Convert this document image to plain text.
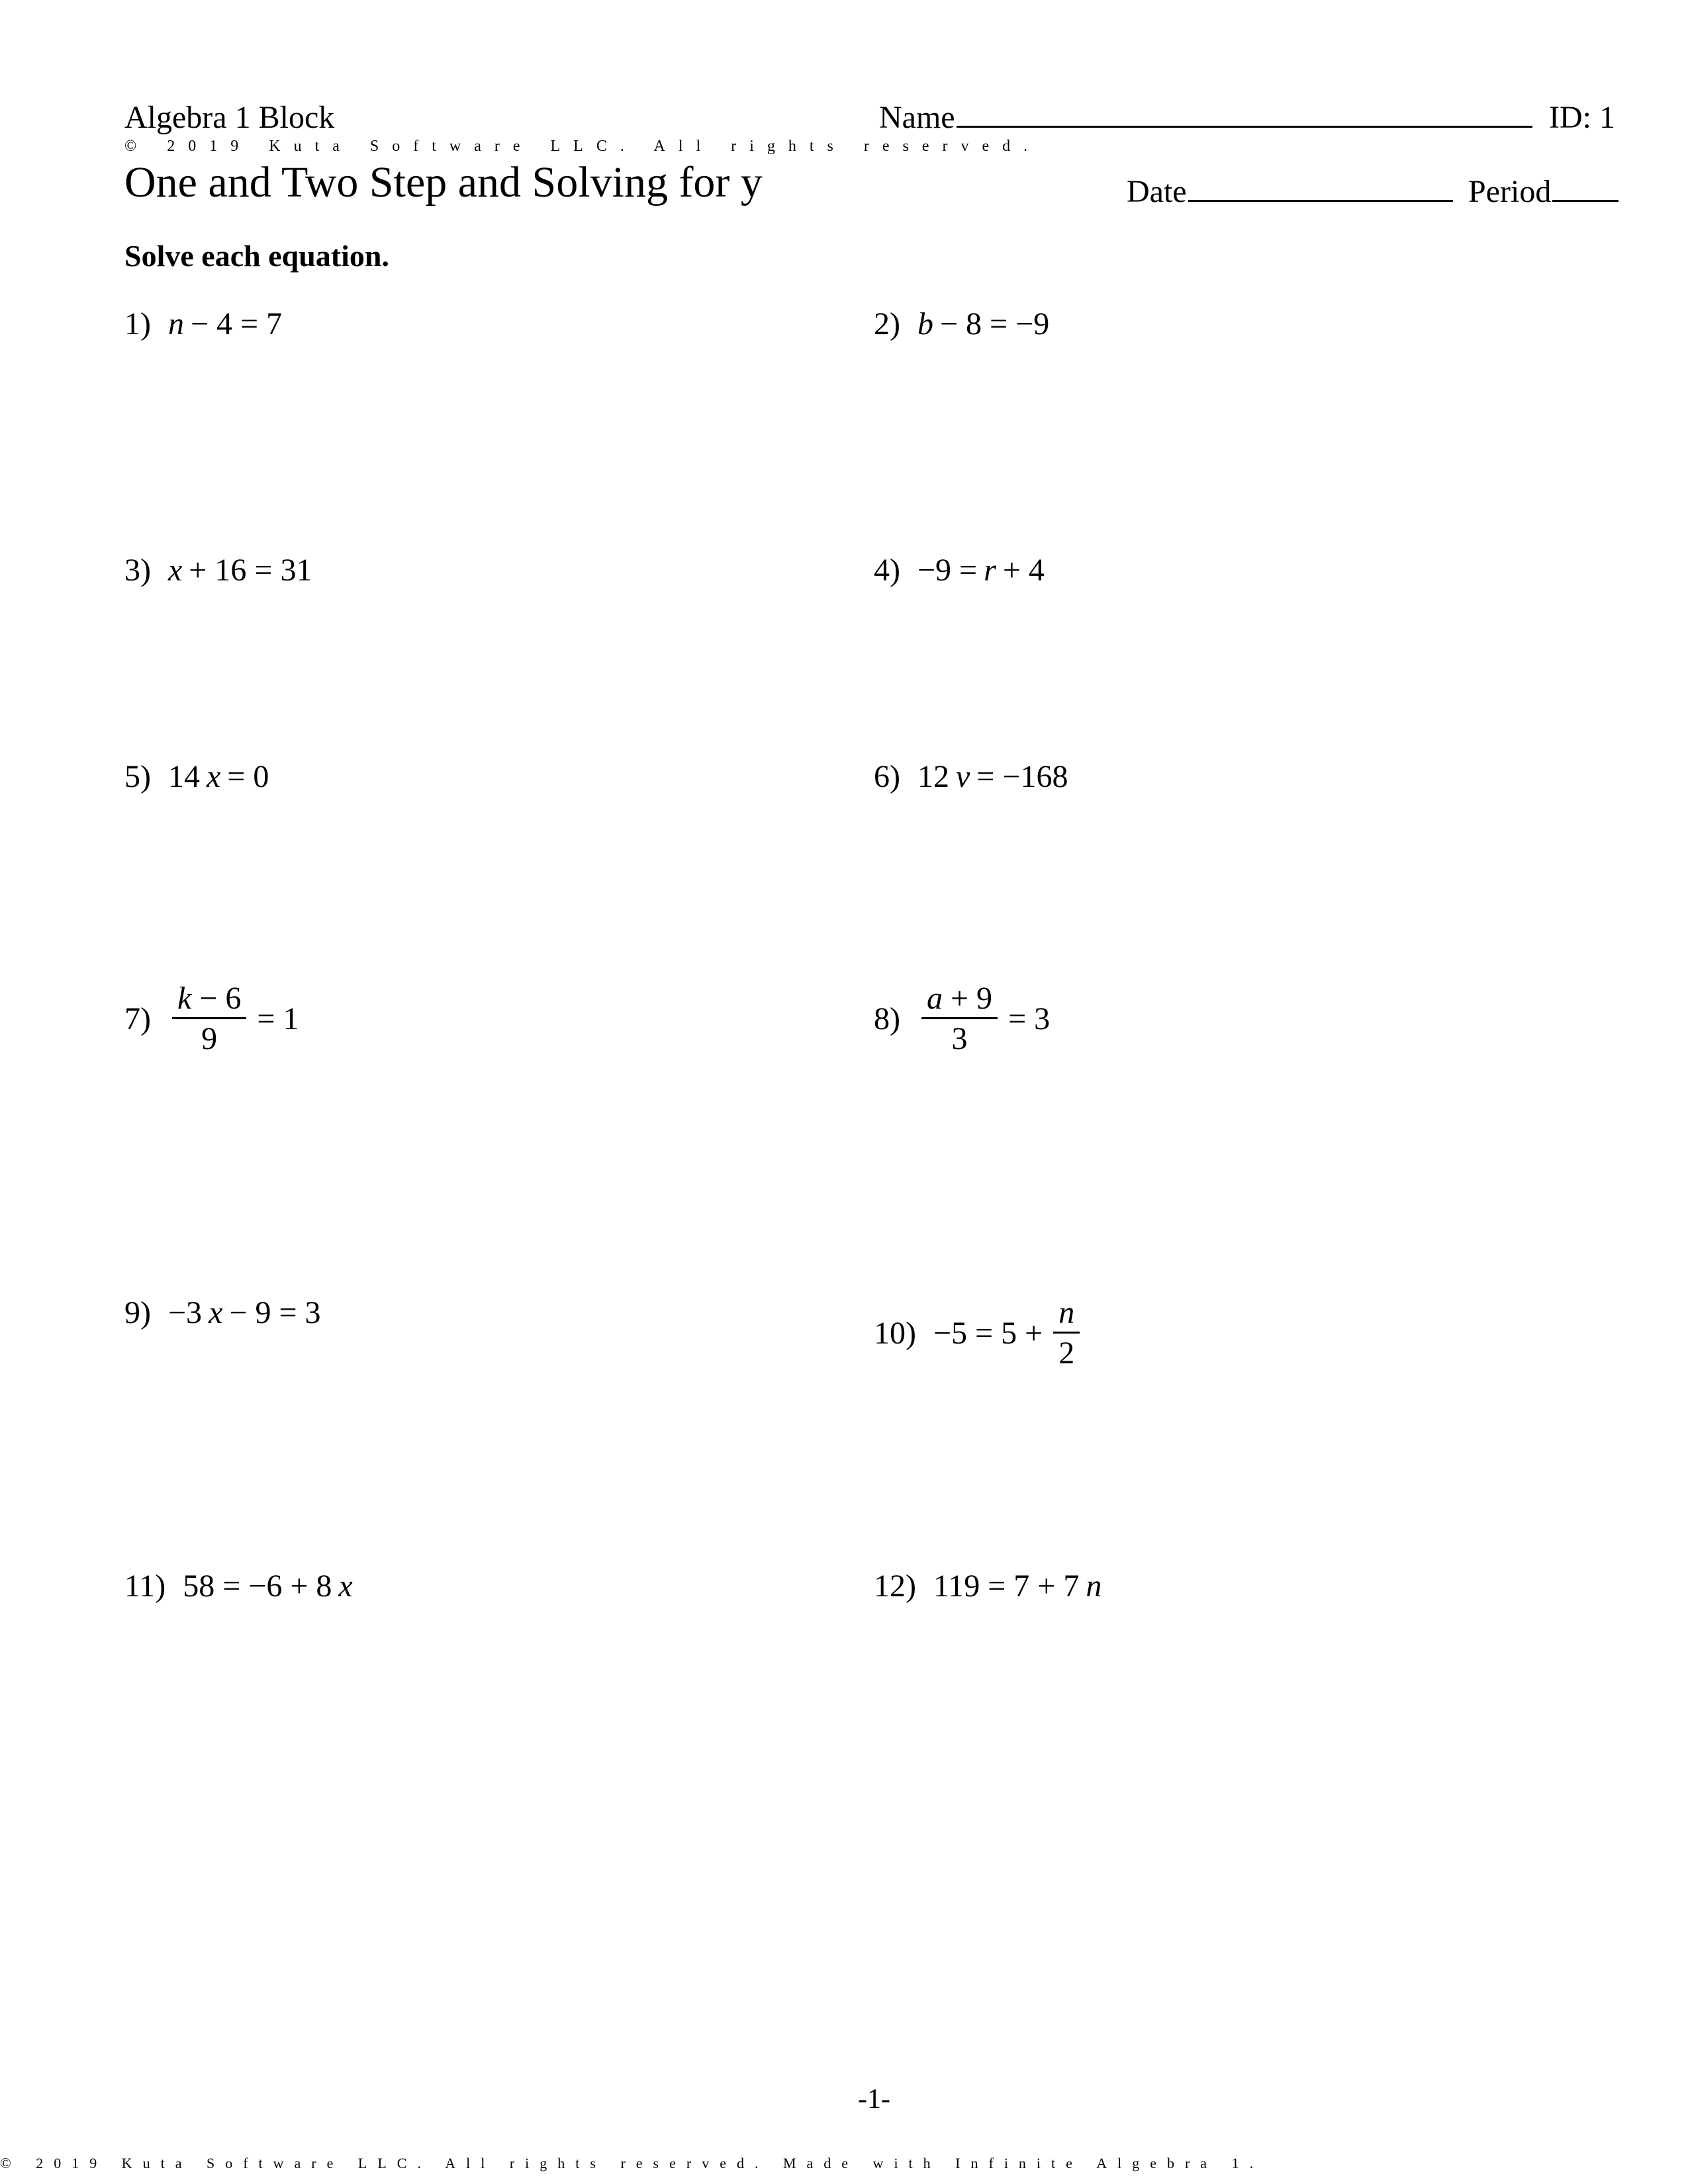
Algebra 1 Block
© 2019 Kuta Software LLC. All rights reserved.
One and Two Step and Solving for y
Name	ID: 1
Date	Period
Solve each equation.
1) n − 4 = 7	2) b − 8 = −9
3) x + 16 = 31	4) −9 = r + 4
5) 14 x = 0	6) 12 v = −168
$7) \frac{k - 6}{9} = 1$	$8) \frac{a + 9}{3} = 3$
9) −3 x − 9 = 3
$10) -5 = 5 + \frac{n}{2}$
11) 58 = −6 + 8 x	12) 119 = 7 + 7 n
-1-
© 2019 Kuta Software LLC. All rights reserved. Made with Infinite Algebra 1.
